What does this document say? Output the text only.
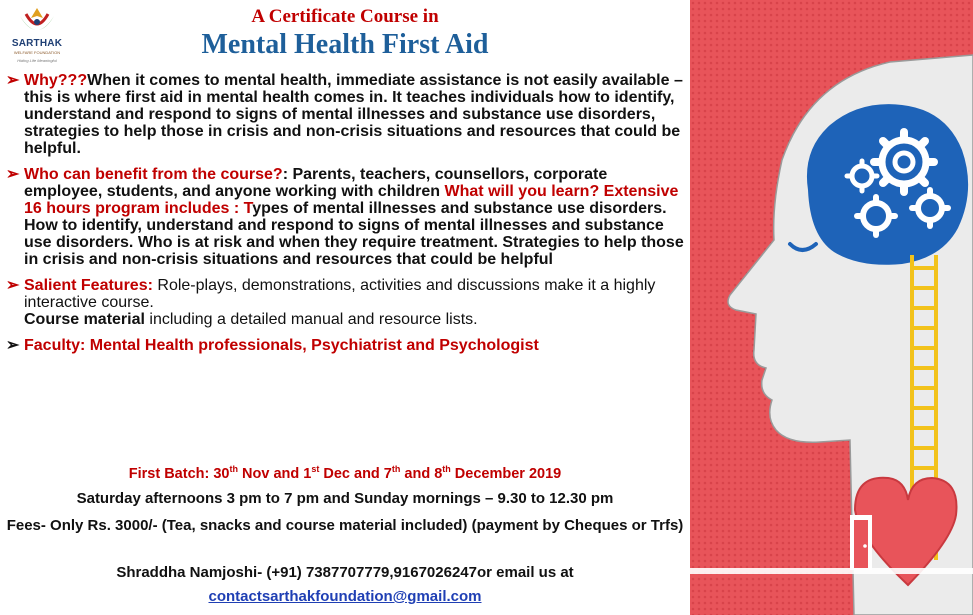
SARTHAK
WELFARE FOUNDATION
Hiding Life Meaningful
A Certificate Course in
Mental Health First Aid
➢ Why???When it comes to mental health, immediate assistance is not easily available – this is where first aid in mental health comes in. It teaches individuals how to identify, understand and respond to signs of mental illnesses and substance use disorders, strategies to help those in crisis and non-crisis situations and resources that could be helpful.
➢ Who can benefit from the course?: Parents, teachers, counsellors, corporate employee, students, and anyone working with children What will you learn? Extensive 16 hours program includes : Types of mental illnesses and substance use disorders. How to identify, understand and respond to signs of mental illnesses and substance use disorders. Who is at risk and when they require treatment. Strategies to help those in crisis and non-crisis situations and resources that could be helpful
➢ Salient Features: Role-plays, demonstrations, activities and discussions make it a highly interactive course.
Course material including a detailed manual and resource lists.
➢ Faculty: Mental Health professionals, Psychiatrist and Psychologist
First Batch: 30th Nov and 1st Dec and 7th and 8th December 2019
Saturday afternoons 3 pm to 7 pm and Sunday mornings – 9.30 to 12.30 pm
Fees- Only Rs. 3000/- (Tea, snacks and course material included) (payment by Cheques or Trfs)
Shraddha Namjoshi- (+91) 7387707779,9167026247or email us at
contactsarthakfoundation@gmail.com
